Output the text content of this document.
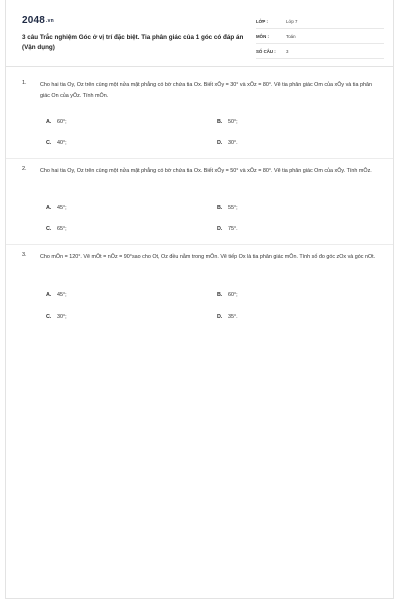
$2048^{.vn}$
3 câu Trắc nghiệm Góc ở vị trí đặc biệt. Tia phân giác của 1 góc có đáp án (Vận dụng)
LỚP :	Lớp 7
MÔN :	Toán
SỐ CÂU :	3
1. Cho hai tia Oy, Oz trên cùng một nửa mặt phẳng có bờ chứa tia Ox. Biết xÔy = 30° và xÔz = 80°. Vẽ tia phân giác Om của xÔy và tia phân giác On của yÔz. Tính mÔn.
A. 60°;	B. 50°;
C. 40°;	D. 30°.
2. Cho hai tia Oy, Oz trên cùng một nửa mặt phẳng có bờ chứa tia Ox. Biết xÔy = 50° và xÔz = 80°. Vẽ tia phân giác Om của xÔy. Tính mÔz.
A. 45°;	B. 55°;
C. 65°;	D. 75°.
3. Cho mÔn = 120°. Vẽ mÔt = nÔz = 90°sao cho Ot, Oz đều nằm trong mÔn. Vẽ tiếp Ox là tia phân giác mÔn. Tính số đo góc zOx và góc nOt.
A. 45°;	B. 60°;
C. 30°;	D. 35°.
